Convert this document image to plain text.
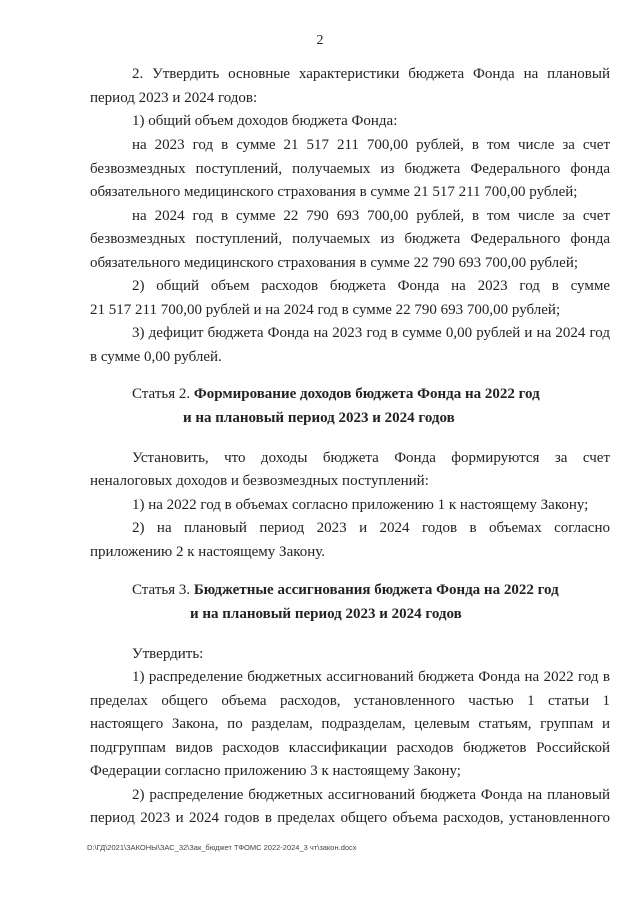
2
2. Утвердить основные характеристики бюджета Фонда на плановый
период 2023 и 2024 годов:
1) общий объем доходов бюджета Фонда:
на 2023 год в сумме 21 517 211 700,00 рублей, в том числе за счет
безвозмездных поступлений, получаемых из бюджета Федерального фонда
обязательного медицинского страхования в сумме 21 517 211 700,00 рублей;
на 2024 год в сумме 22 790 693 700,00 рублей, в том числе за счет
безвозмездных поступлений, получаемых из бюджета Федерального фонда
обязательного медицинского страхования в сумме 22 790 693 700,00 рублей;
2) общий объем расходов бюджета Фонда на 2023 год в сумме
21 517 211 700,00 рублей и на 2024 год в сумме 22 790 693 700,00 рублей;
3) дефицит бюджета Фонда на 2023 год в сумме 0,00 рублей и на 2024 год
в сумме 0,00 рублей.
Статья 2. Формирование доходов бюджета Фонда на 2022 год
и на плановый период 2023 и 2024 годов
Установить, что доходы бюджета Фонда формируются за счет
неналоговых доходов и безвозмездных поступлений:
1) на 2022 год в объемах согласно приложению 1 к настоящему Закону;
2) на плановый период 2023 и 2024 годов в объемах согласно
приложению 2 к настоящему Закону.
Статья 3. Бюджетные ассигнования бюджета Фонда на 2022 год
и на плановый период 2023 и 2024 годов
Утвердить:
1) распределение бюджетных ассигнований бюджета Фонда на 2022 год в
пределах общего объема расходов, установленного частью 1 статьи 1
настоящего Закона, по разделам, подразделам, целевым статьям, группам и
подгруппам видов расходов классификации расходов бюджетов Российской
Федерации согласно приложению 3 к настоящему Закону;
2) распределение бюджетных ассигнований бюджета Фонда на плановый
период 2023 и 2024 годов в пределах общего объема расходов, установленного
D:\ГД\2021\ЗАКОНЫ\ЗАС_32\Зак_бюджет ТФОМС 2022-2024_3 чт\закон.docx
